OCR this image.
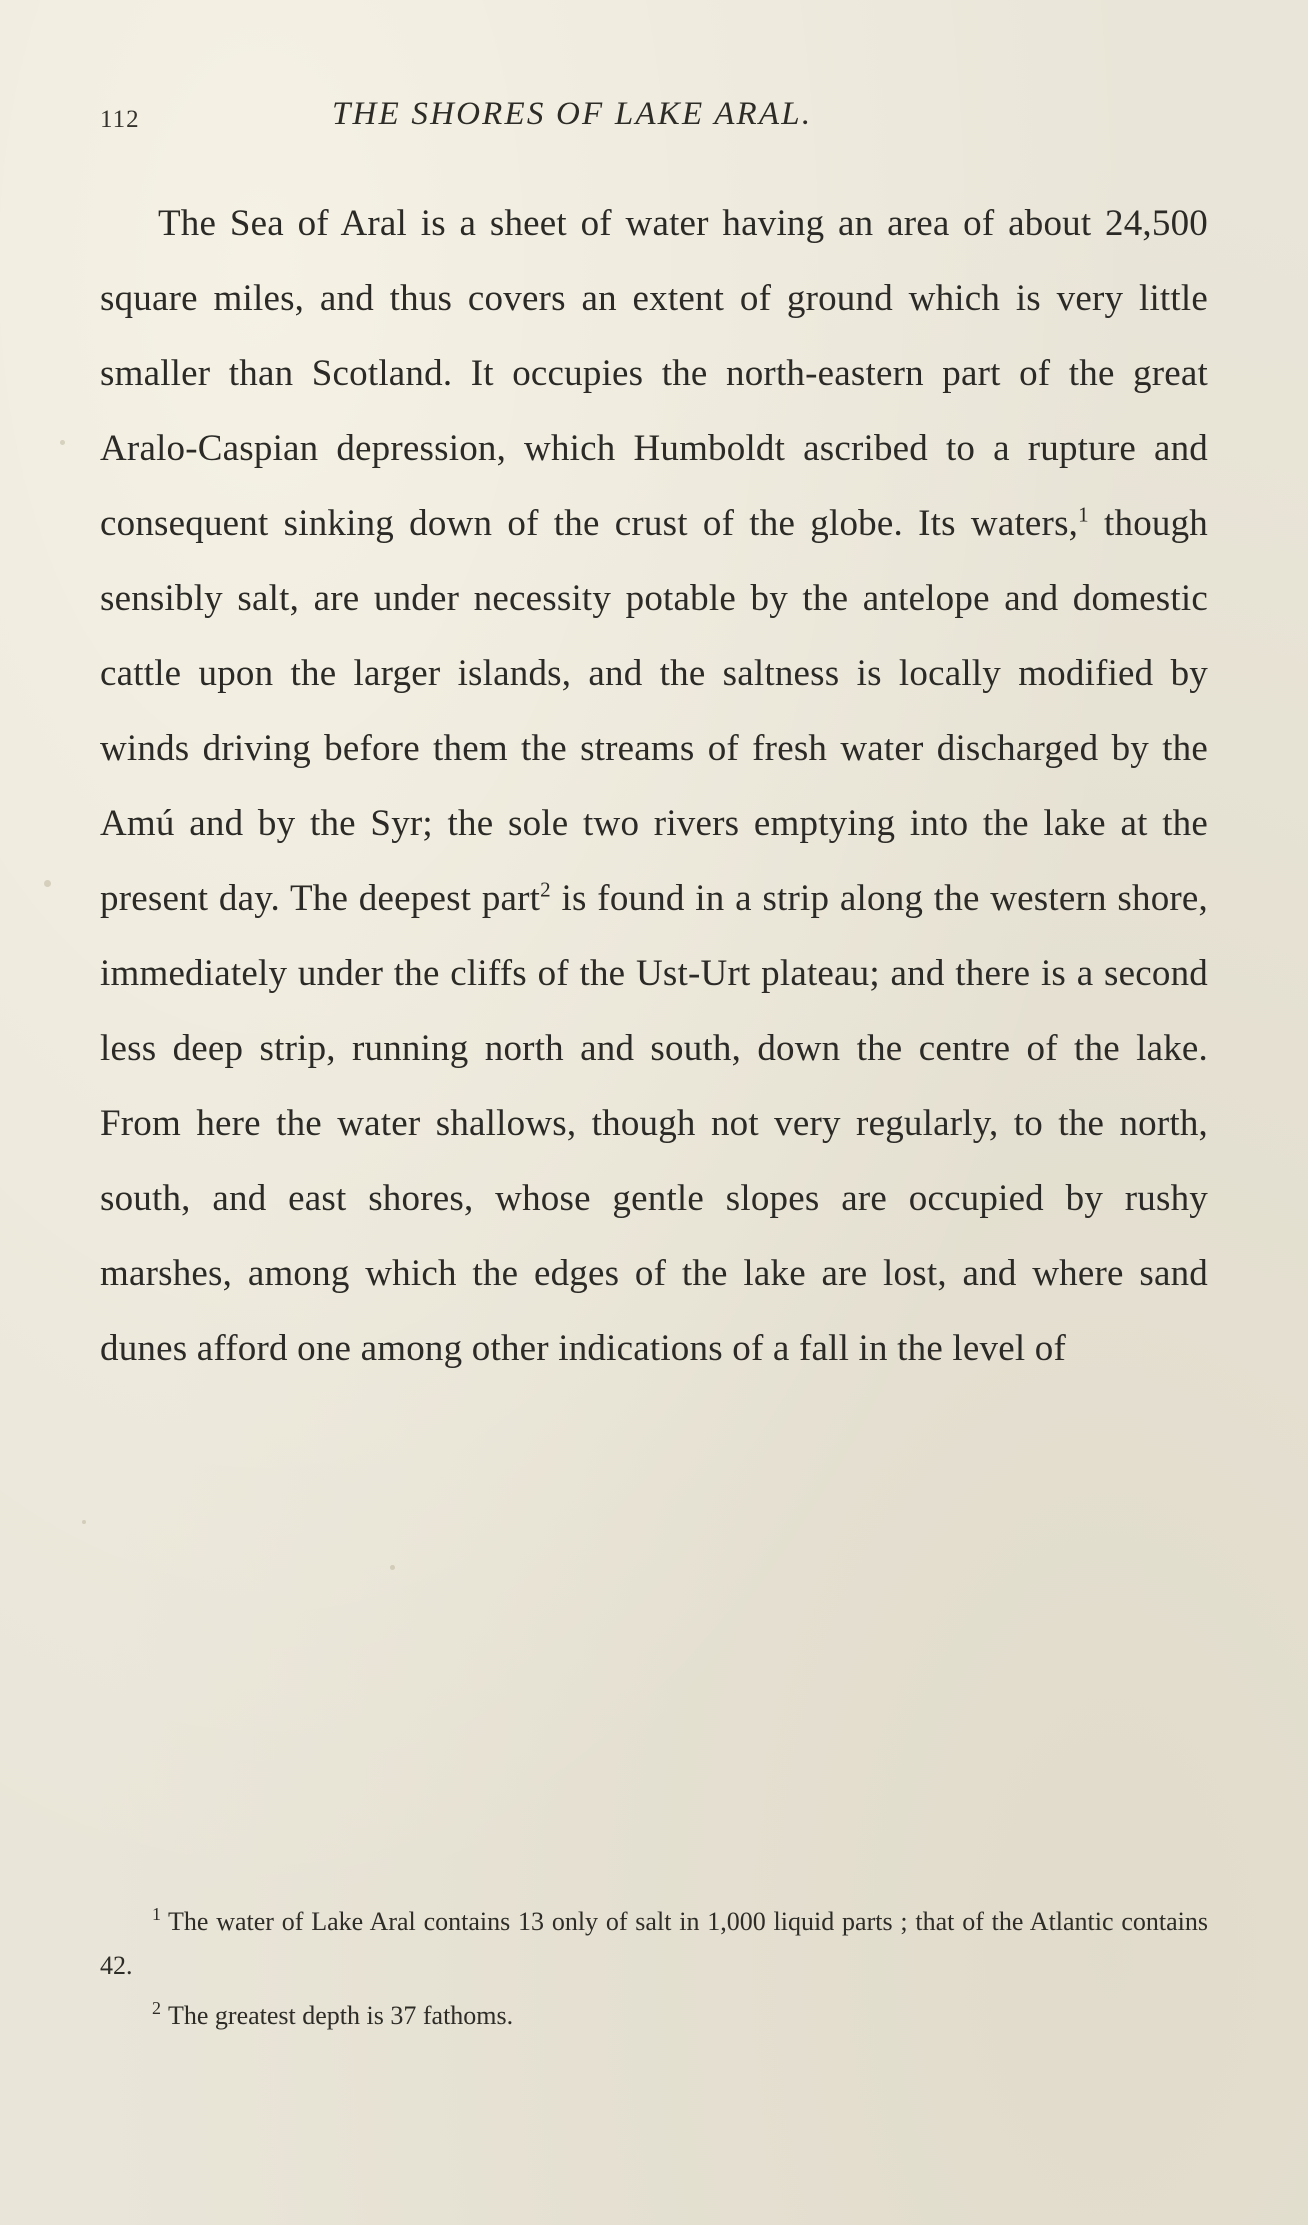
112	THE SHORES OF LAKE ARAL.

The Sea of Aral is a sheet of water having an area of about 24,500 square miles, and thus covers an extent of ground which is very little smaller than Scotland. It occupies the north-eastern part of the great Aralo-Caspian depression, which Humboldt ascribed to a rupture and consequent sinking down of the crust of the globe. Its waters,$^1$ though sensibly salt, are under necessity potable by the antelope and domestic cattle upon the larger islands, and the saltness is locally modified by winds driving before them the streams of fresh water discharged by the Amú and by the Syr; the sole two rivers emptying into the lake at the present day. The deepest part$^2$ is found in a strip along the western shore, immediately under the cliffs of the Ust-Urt plateau; and there is a second less deep strip, running north and south, down the centre of the lake. From here the water shallows, though not very regularly, to the north, south, and east shores, whose gentle slopes are occupied by rushy marshes, among which the edges of the lake are lost, and where sand dunes afford one among other indications of a fall in the level of

$^1$ The water of Lake Aral contains 13 only of salt in 1,000 liquid parts ; that of the Atlantic contains 42.

$^2$ The greatest depth is 37 fathoms.
